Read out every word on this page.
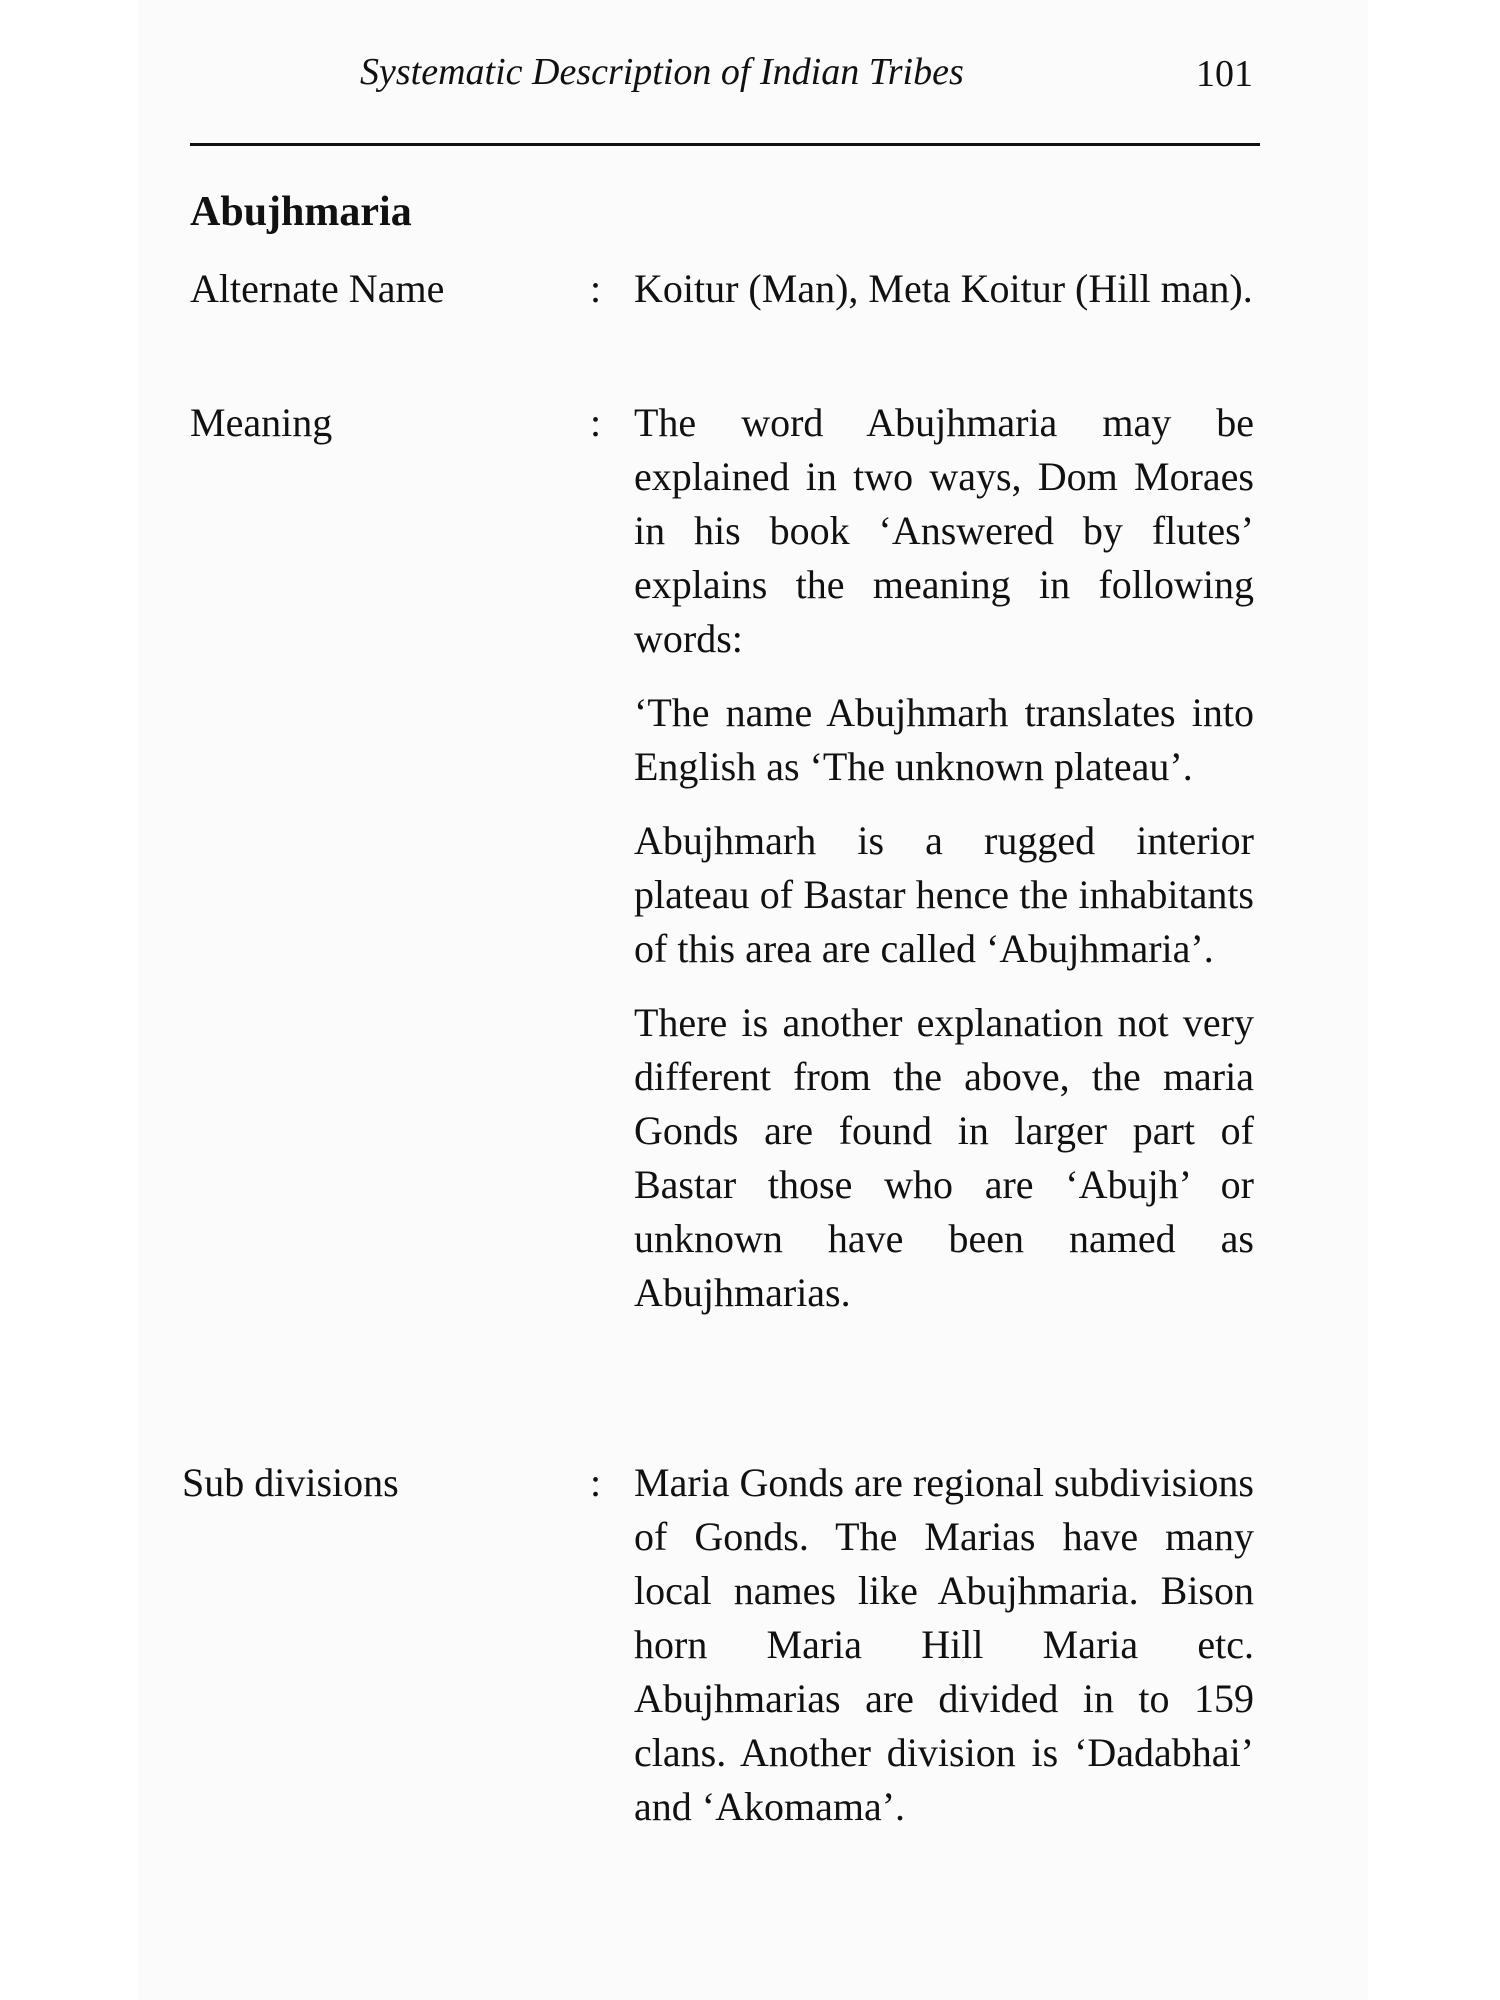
Systematic Description of Indian Tribes	101
Abujhmaria
Alternate Name	: Koitur (Man), Meta Koitur (Hill man).

Meaning	: The word Abujhmaria may be explained in two ways, Dom Moraes in his book ‘Answered by flutes’ explains the meaning in following words:

‘The name Abujhmarh translates into English as ‘The unknown plateau’.

Abujhmarh is a rugged interior plateau of Bastar hence the inhabitants of this area are called ‘Abujhmaria’.

There is another explanation not very different from the above, the maria Gonds are found in larger part of Bastar those who are ‘Abujh’ or unknown have been named as Abujhmarias.

Sub divisions	: Maria Gonds are regional subdivisions of Gonds. The Marias have many local names like Abujhmaria. Bison horn Maria Hill Maria etc. Abujhmarias are divided in to 159 clans. Another division is ‘Dadabhai’ and ‘Akomama’.
